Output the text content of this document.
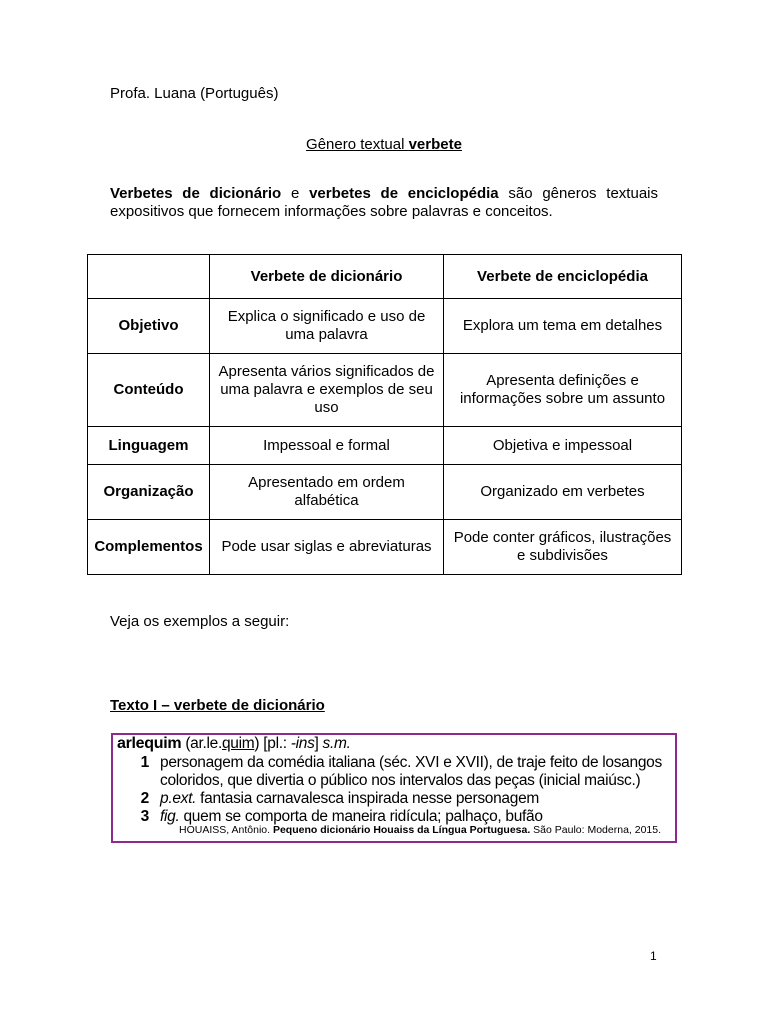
Profa. Luana (Português)
Gênero textual verbete
Verbetes de dicionário e verbetes de enciclopédia são gêneros textuais expositivos que fornecem informações sobre palavras e conceitos.
	Verbete de dicionário	Verbete de enciclopédia
Objetivo	Explica o significado e uso de uma palavra	Explora um tema em detalhes
Conteúdo	Apresenta vários significados de uma palavra e exemplos de seu uso	Apresenta definições e informações sobre um assunto
Linguagem	Impessoal e formal	Objetiva e impessoal
Organização	Apresentado em ordem alfabética	Organizado em verbetes
Complementos	Pode usar siglas e abreviaturas	Pode conter gráficos, ilustrações e subdivisões
Veja os exemplos a seguir:
Texto I – verbete de dicionário
arlequim (ar.le.quim) [pl.: -ins] s.m.
1 personagem da comédia italiana (séc. XVI e XVII), de traje feito de losangos coloridos, que divertia o público nos intervalos das peças (inicial maiúsc.)
2 p.ext. fantasia carnavalesca inspirada nesse personagem
3 fig. quem se comporta de maneira ridícula; palhaço, bufão
HOUAISS, Antônio. Pequeno dicionário Houaiss da Língua Portuguesa. São Paulo: Moderna, 2015.
1
